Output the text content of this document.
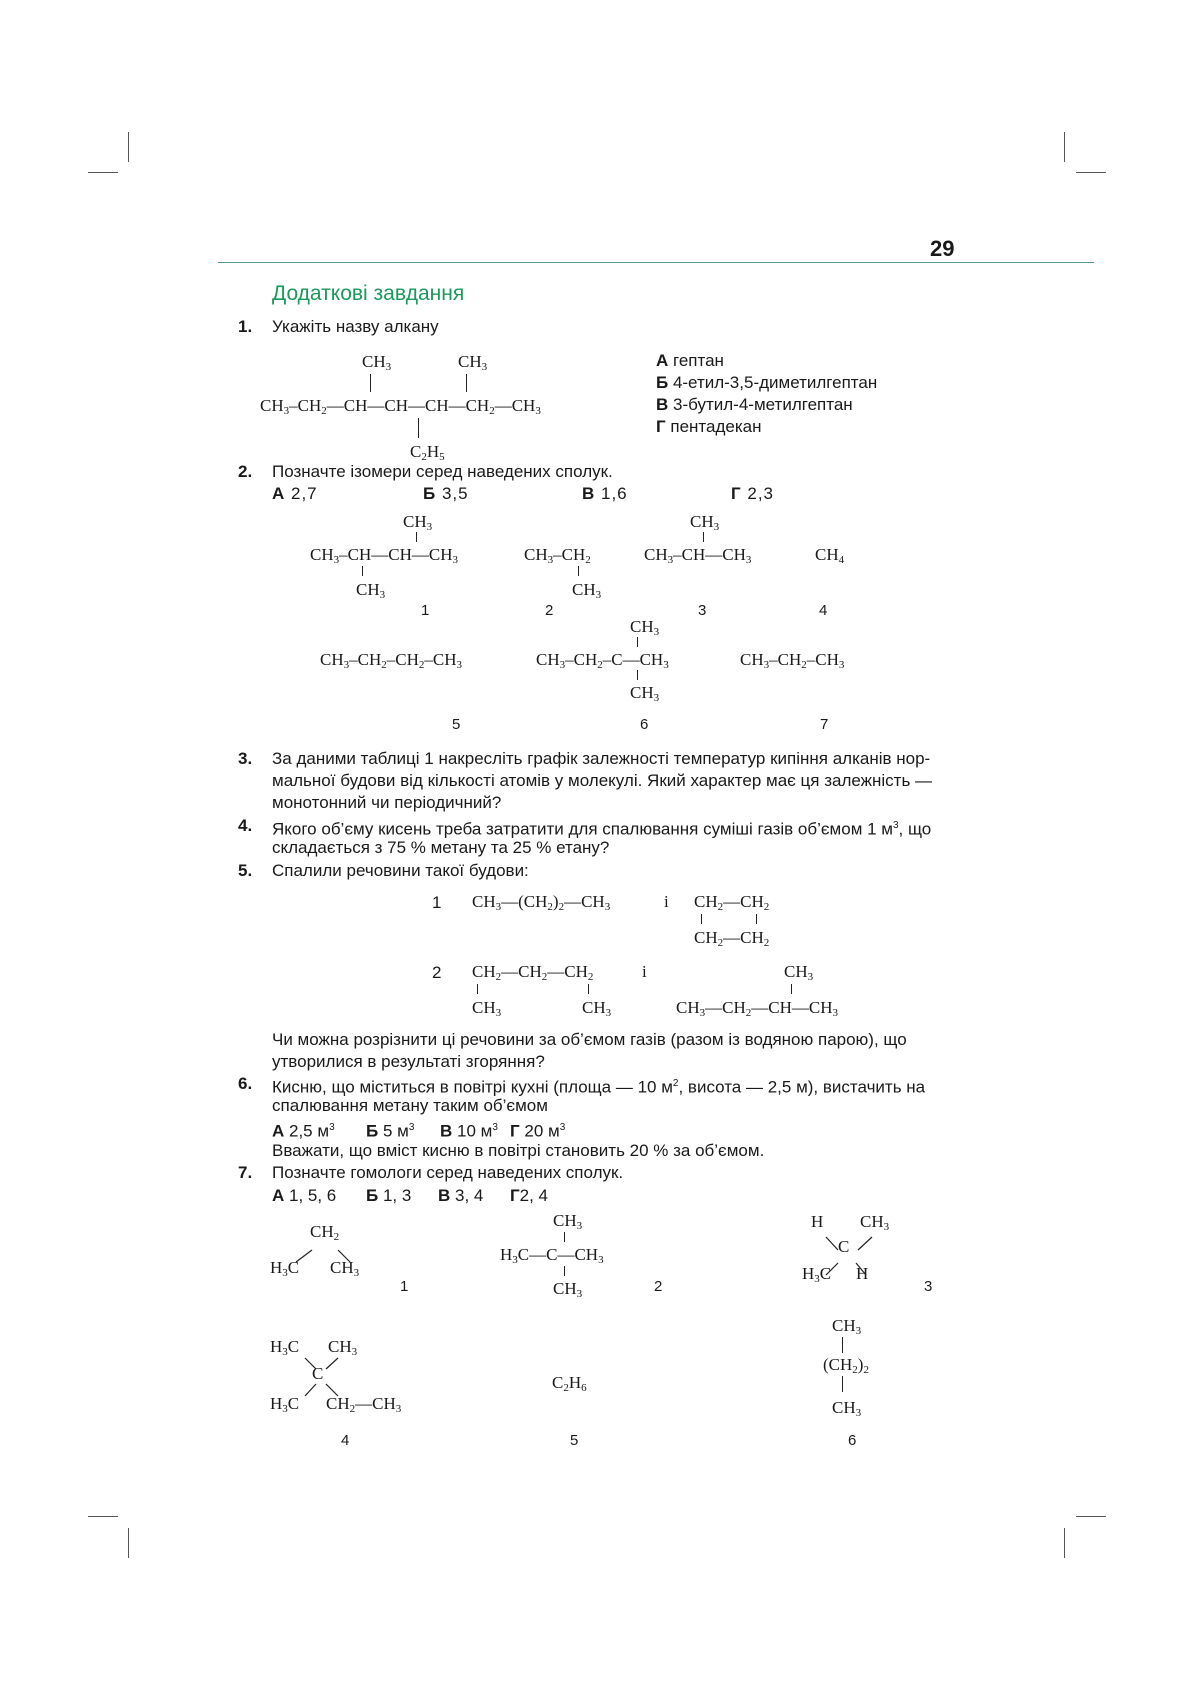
29
Додаткові завдання
1. Укажіть назву алкану
$CH_3$	$CH_3$
$CH_3-CH_2—CH—CH—CH—CH_2—CH_3$
$C_2H_5$
А гептан
Б 4-етил-3,5-диметилгептан
В 3-бутил-4-метилгептан
Г пентадекан
2. Позначте ізомери серед наведених сполук.
А 2,7	Б 3,5	В 1,6	Г 2,3
$CH_3$
$CH_3-CH—CH—CH_3$
$CH_3$
$CH_3-CH_2$
$CH_3$
$CH_3$
$CH_3-CH—CH_3$	$CH_4$
$CH_3-CH_2-CH_2-CH_3$
$CH_3$
$CH_3-CH_2-C—CH_3$
$CH_3$
$CH_3-CH_2-CH_3$
1	2	3	4
5	6	7
3. За даними таблиці 1 накресліть графік залежності температур кипіння алканів нор-
мальної будови від кількості атомів у молекулі. Який характер має ця залежність —
монотонний чи періодичний?
4. Якого об’єму кисень треба затратити для спалювання суміші газів об’ємом 1 $м^3$, що
складається з 75 % метану та 25 % етану?
5. Спалили речовини такої будови:
1 $CH_3—(CH_2)_2—CH_3$	і $CH_2—CH_2$
$CH_2—CH_2$
2 $CH_2—CH_2—CH_2$
$CH_3$	$CH_3$
і	$CH_3$
$CH_3—CH_2—CH—CH_3$
Чи можна розрізнити ці речовини за об’ємом газів (разом із водяною парою), що
утворилися в результаті згоряння?
6. Кисню, що міститься в повітрі кухні (площа — 10 $м^2$, висота — 2,5 м), вистачить на
спалювання метану таким об’ємом
А 2,5 $м^3$ Б 5 $м^3$ В 10 $м^3$ Г 20 $м^3$
Вважати, що вміст кисню в повітрі становить 20 % за об’ємом.
7. Позначте гомологи серед наведених сполук.
А 1, 5, 6 Б 1, 3 В 3, 4 Г2, 4
$CH_2$
$H_3C$ $CH_3$
$CH_3$
$H_3C—C—CH_3$
$CH_3$
H $CH_3$
C
$H_3C$ H
$H_3C$ $CH_3$
C
$H_3C$ $CH_2—CH_3$
$C_2H_6$
$CH_3$
$(CH_2)_2$
$CH_3$
1	2	3
4	5	6
